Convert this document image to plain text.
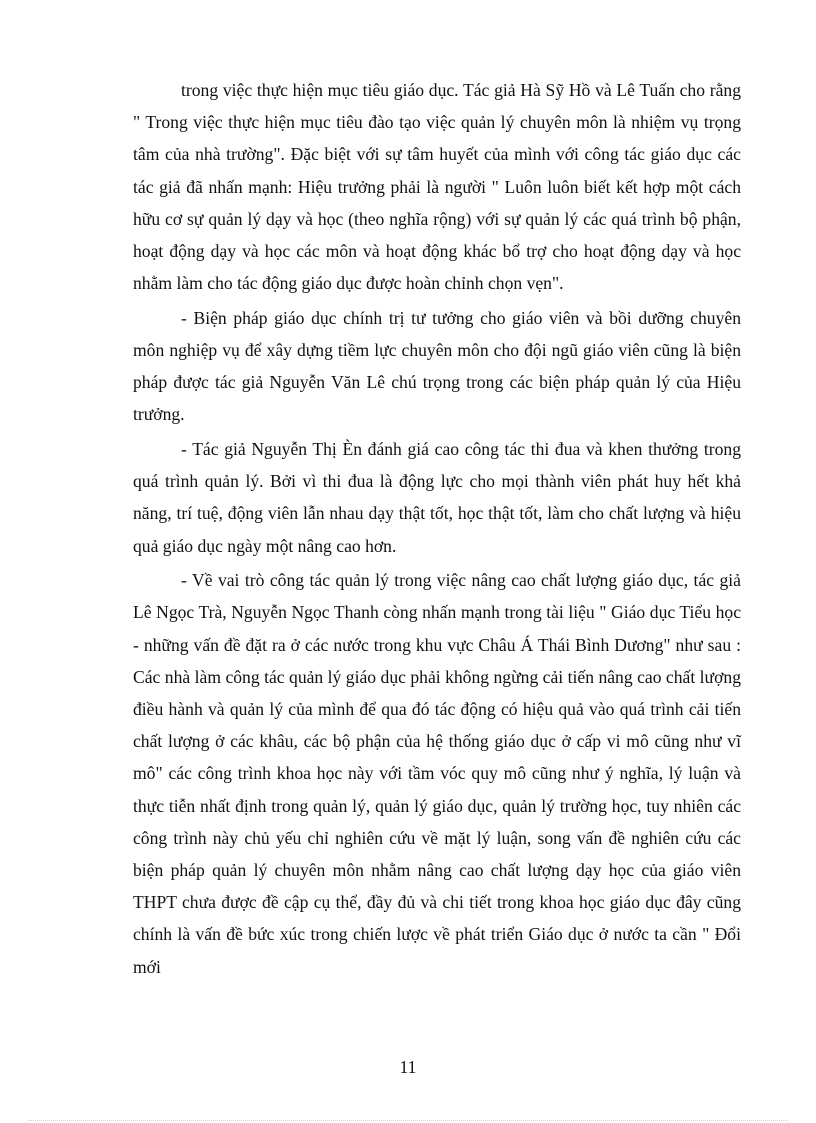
trong việc thực hiện mục tiêu giáo dục. Tác giả Hà Sỹ Hồ và Lê Tuấn cho rằng " Trong việc thực hiện mục tiêu đào tạo việc quản lý chuyên môn là nhiệm vụ trọng tâm của nhà trường". Đặc biệt với sự tâm huyết của mình với công tác giáo dục các tác giả đã nhấn mạnh: Hiệu trưởng phải là người " Luôn luôn biết kết hợp một cách hữu cơ sự quản lý dạy và học (theo nghĩa rộng) với sự quản lý các quá trình bộ phận, hoạt động dạy và học các môn và hoạt động khác bổ trợ cho hoạt động dạy và học nhằm làm cho tác động giáo dục được hoàn chỉnh chọn vẹn".

- Biện pháp giáo dục chính trị tư tưởng cho giáo viên và bồi dưỡng chuyên môn nghiệp vụ để xây dựng tiềm lực chuyên môn cho đội ngũ giáo viên cũng là biện pháp được tác giả Nguyễn Văn Lê chú trọng trong các biện pháp quản lý của Hiệu trưởng.

- Tác giả Nguyễn Thị Èn đánh giá cao công tác thi đua và khen thưởng trong quá trình quản lý. Bởi vì thi đua là động lực cho mọi thành viên phát huy hết khả năng, trí tuệ, động viên lẫn nhau dạy thật tốt, học thật tốt, làm cho chất lượng và hiệu quả giáo dục ngày một nâng cao hơn.

- Về vai trò công tác quản lý trong việc nâng cao chất lượng giáo dục, tác giả Lê Ngọc Trà, Nguyễn Ngọc Thanh còng nhấn mạnh trong tài liệu " Giáo dục Tiểu học - những vấn đề đặt ra ở các nước trong khu vực Châu Á Thái Bình Dương" như sau : Các nhà làm công tác quản lý giáo dục phải không ngừng cải tiến nâng cao chất lượng điều hành và quản lý của mình để qua đó tác động có hiệu quả vào quá trình cải tiến chất lượng ở các khâu, các bộ phận của hệ thống giáo dục ở cấp vi mô cũng như vĩ mô" các công trình khoa học này với tầm vóc quy mô cũng như ý nghĩa, lý luận và thực tiễn nhất định trong quản lý, quản lý giáo dục, quản lý trường học, tuy nhiên các công trình này chủ yếu chỉ nghiên cứu về mặt lý luận, song vấn đề nghiên cứu các biện pháp quản lý chuyên môn nhằm nâng cao chất lượng dạy học của giáo viên THPT chưa được đề cập cụ thể, đầy đủ và chi tiết trong khoa học giáo dục đây cũng chính là vấn đề bức xúc trong chiến lược về phát triển Giáo dục ở nước ta cần " Đổi mới

11
